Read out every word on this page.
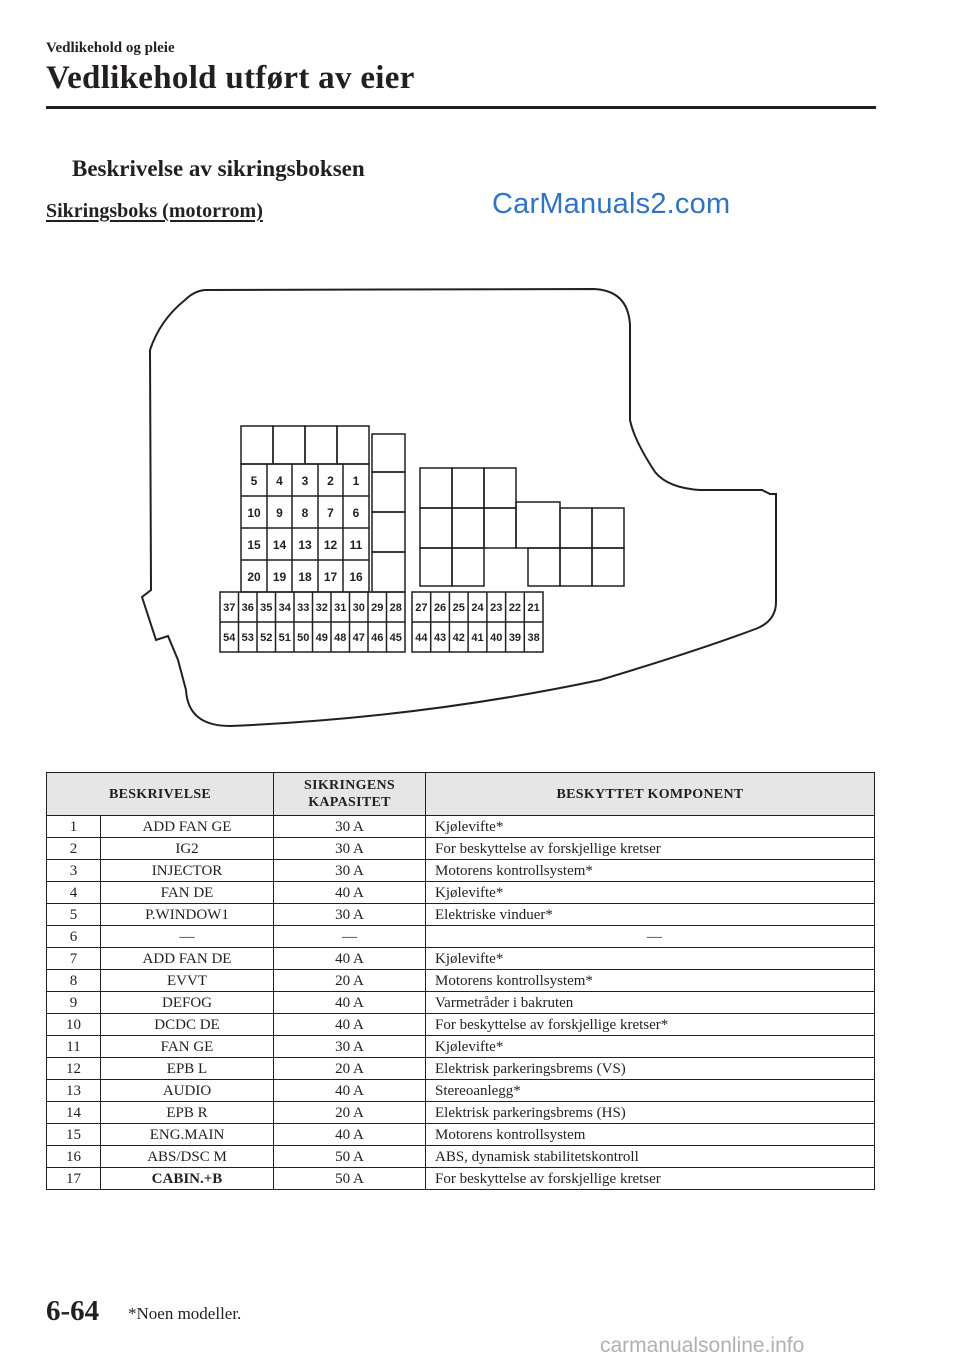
Vedlikehold og pleie
Vedlikehold utført av eier
Beskrivelse av sikringsboksen
Sikringsboks (motorrom)	CarManuals2.com
5 4 3 2 1
10 9 8 7 6
15 14 13 12 11
20 19 18 17 16
37 36 35 34 33 32 31 30 29 28
54 53 52 51 50 49 48 47 46 45
27 26 25 24 23 22 21
44 43 42 41 40 39 38
BESKRIVELSE		SIKRINGENS KAPASITET	BESKYTTET KOMPONENT
1	ADD FAN GE	30 A	Kjølevifte*
2	IG2	30 A	For beskyttelse av forskjellige kretser
3	INJECTOR	30 A	Motorens kontrollsystem*
4	FAN DE	40 A	Kjølevifte*
5	P.WINDOW1	30 A	Elektriske vinduer*
6	—	—	—
7	ADD FAN DE	40 A	Kjølevifte*
8	EVVT	20 A	Motorens kontrollsystem*
9	DEFOG	40 A	Varmetråder i bakruten
10	DCDC DE	40 A	For beskyttelse av forskjellige kretser*
11	FAN GE	30 A	Kjølevifte*
12	EPB L	20 A	Elektrisk parkeringsbrems (VS)
13	AUDIO	40 A	Stereoanlegg*
14	EPB R	20 A	Elektrisk parkeringsbrems (HS)
15	ENG.MAIN	40 A	Motorens kontrollsystem
16	ABS/DSC M	50 A	ABS, dynamisk stabilitetskontroll
17	CABIN.+B	50 A	For beskyttelse av forskjellige kretser
6-64 *Noen modeller.
carmanualsonline.info
